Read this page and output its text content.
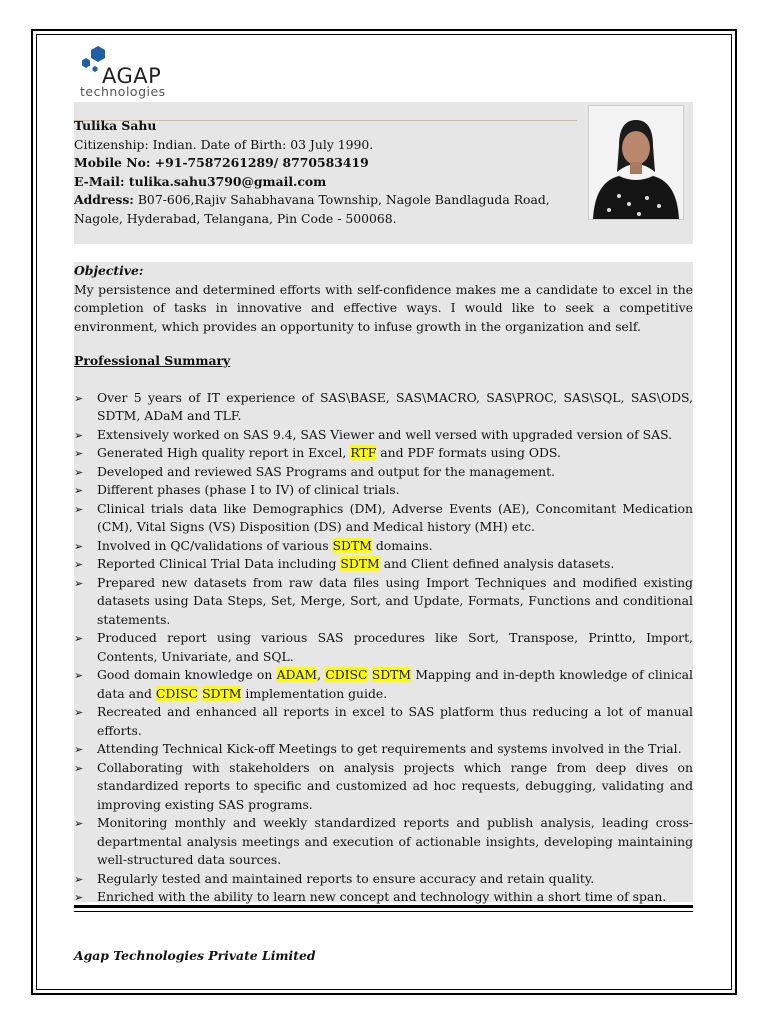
AGAP
technologies
Tulika Sahu
Citizenship: Indian. Date of Birth: 03 July 1990.
Mobile No: +91-7587261289/ 8770583419
E-Mail: tulika.sahu3790@gmail.com
Address: B07-606,Rajiv Sahabhavana Township, Nagole Bandlaguda Road,
Nagole, Hyderabad, Telangana, Pin Code - 500068.
Objective:
My persistence and determined efforts with self-confidence makes me a candidate to excel in the completion of tasks in innovative and effective ways. I would like to seek a competitive environment, which provides an opportunity to infuse growth in the organization and self.
Professional Summary
➢ Over 5 years of IT experience of SAS\BASE, SAS\MACRO, SAS\PROC, SAS\SQL, SAS\ODS, SDTM, ADaM and TLF.
➢ Extensively worked on SAS 9.4, SAS Viewer and well versed with upgraded version of SAS.
➢ Generated High quality report in Excel, RTF and PDF formats using ODS.
➢ Developed and reviewed SAS Programs and output for the management.
➢ Different phases (phase I to IV) of clinical trials.
➢ Clinical trials data like Demographics (DM), Adverse Events (AE), Concomitant Medication (CM), Vital Signs (VS) Disposition (DS) and Medical history (MH) etc.
➢ Involved in QC/validations of various SDTM domains.
➢ Reported Clinical Trial Data including SDTM and Client defined analysis datasets.
➢ Prepared new datasets from raw data files using Import Techniques and modified existing datasets using Data Steps, Set, Merge, Sort, and Update, Formats, Functions and conditional statements.
➢ Produced report using various SAS procedures like Sort, Transpose, Printto, Import, Contents, Univariate, and SQL.
➢ Good domain knowledge on ADAM, CDISC SDTM Mapping and in-depth knowledge of clinical data and CDISC SDTM implementation guide.
➢ Recreated and enhanced all reports in excel to SAS platform thus reducing a lot of manual efforts.
➢ Attending Technical Kick-off Meetings to get requirements and systems involved in the Trial.
➢ Collaborating with stakeholders on analysis projects which range from deep dives on standardized reports to specific and customized ad hoc requests, debugging, validating and improving existing SAS programs.
➢ Monitoring monthly and weekly standardized reports and publish analysis, leading cross-departmental analysis meetings and execution of actionable insights, developing maintaining well-structured data sources.
➢ Regularly tested and maintained reports to ensure accuracy and retain quality.
➢ Enriched with the ability to learn new concept and technology within a short time of span.
Agap Technologies Private Limited
